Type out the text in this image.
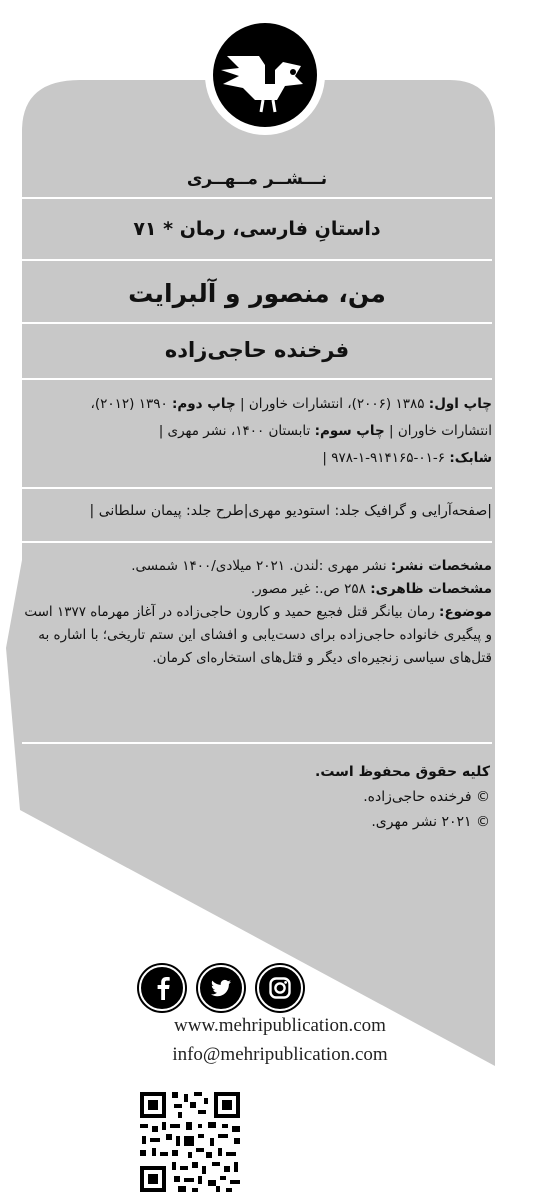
نـــشــر مــهــری
داستانِ فارسی، رمان * ۷۱
من، منصور و آلبرایت
فرخنده حاجی‌زاده
چاپ اول: ۱۳۸۵ (۲۰۰۶)، انتشارات خاوران | چاپ دوم: ۱۳۹۰ (۲۰۱۲)،
انتشارات خاوران | چاپ سوم: تابستان ۱۴۰۰، نشر مهری |
شابک: ۶-۰۱-۹۱۴۱۶۵-۱-۹۷۸ |
|صفحه‌آرایی و گرافیک جلد: استودیو مهری|طرح جلد: پیمان سلطانی |

مشخصات نشر: نشر مهری :لندن. ۲۰۲۱ میلادی/۱۴۰۰ شمسی.

مشخصات ظاهری: ۲۵۸ ص.: غیر مصور.

موضوع: رمان بیانگر قتل فجیع حمید و کارون حاجی‌زاده در آغاز مهرماه ۱۳۷۷ است و پیگیری خانواده حاجی‌زاده برای دست‌یابی و افشای این ستم تاریخی؛ با اشاره به قتل‌های سیاسی زنجیره‌ای دیگر و قتل‌های استخاره‌ای کرمان.

کلیه حقوق محفوظ است.

© فرخنده حاجی‌زاده.

© ۲۰۲۱ نشر مهری.

www.mehripublication.com
info@mehripublication.com
